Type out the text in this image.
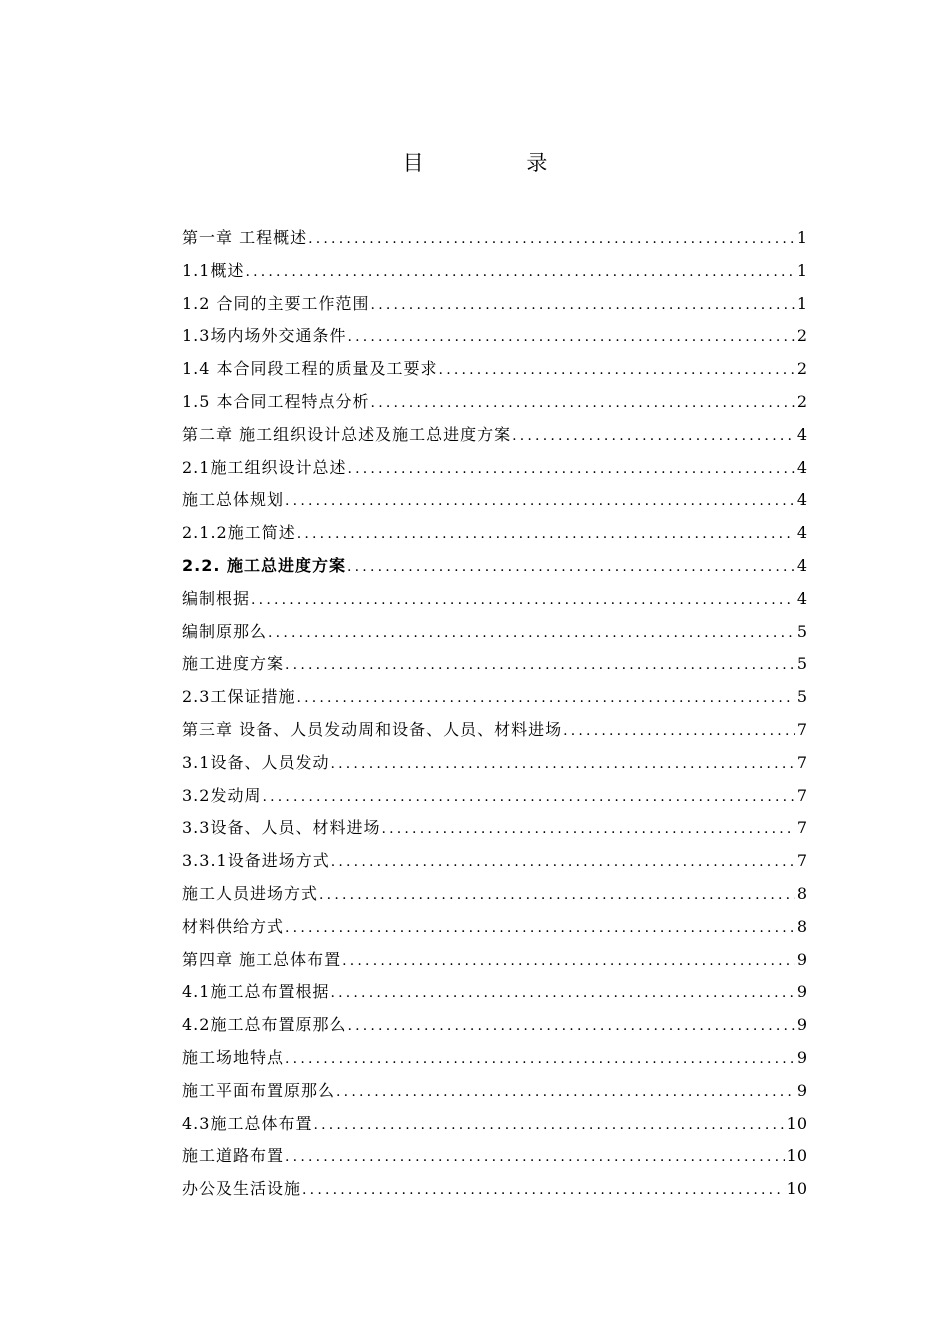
目 录
第一章 工程概述 .....	1
1.1概述 .....	1
1.2 合同的主要工作范围 .....	1
1.3场内场外交通条件 .....	2
1.4 本合同段工程的质量及工要求 .....	2
1.5 本合同工程特点分析 .....	2
第二章 施工组织设计总述及施工总进度方案 .....	4
2.1施工组织设计总述 .....	4
施工总体规划 .....	4
2.1.2施工简述 .....	4
2.2. 施工总进度方案 .....	4
编制根据 .....	4
编制原那么 .....	5
施工进度方案 .....	5
2.3工保证措施 .....	5
第三章 设备、人员发动周和设备、人员、材料进场 .....	7
3.1设备、人员发动 .....	7
3.2发动周 .....	7
3.3设备、人员、材料进场 .....	7
3.3.1设备进场方式 .....	7
施工人员进场方式 .....	8
材料供给方式 .....	8
第四章 施工总体布置 .....	9
4.1施工总布置根据 .....	9
4.2施工总布置原那么 .....	9
施工场地特点 .....	9
施工平面布置原那么 .....	9
4.3施工总体布置 .....	10
施工道路布置 .....	10
办公及生活设施 .....	10
